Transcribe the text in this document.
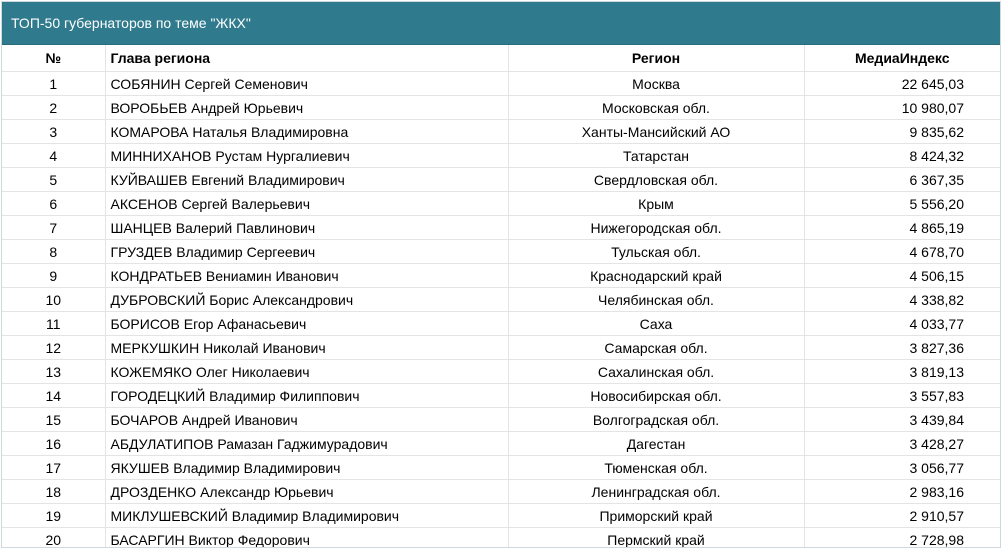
ТОП-50 губернаторов по теме "ЖКХ"
№	Глава региона	Регион	МедиаИндекс
1	СОБЯНИН Сергей Семенович	Москва	22 645,03
2	ВОРОБЬЕВ Андрей Юрьевич	Московская обл.	10 980,07
3	КОМАРОВА Наталья Владимировна	Ханты-Мансийский АО	9 835,62
4	МИННИХАНОВ Рустам Нургалиевич	Татарстан	8 424,32
5	КУЙВАШЕВ Евгений Владимирович	Свердловская обл.	6 367,35
6	АКСЕНОВ Сергей Валерьевич	Крым	5 556,20
7	ШАНЦЕВ Валерий Павлинович	Нижегородская обл.	4 865,19
8	ГРУЗДЕВ Владимир Сергеевич	Тульская обл.	4 678,70
9	КОНДРАТЬЕВ Вениамин Иванович	Краснодарский край	4 506,15
10	ДУБРОВСКИЙ Борис Александрович	Челябинская обл.	4 338,82
11	БОРИСОВ Егор Афанасьевич	Саха	4 033,77
12	МЕРКУШКИН Николай Иванович	Самарская обл.	3 827,36
13	КОЖЕМЯКО Олег Николаевич	Сахалинская обл.	3 819,13
14	ГОРОДЕЦКИЙ Владимир Филиппович	Новосибирская обл.	3 557,83
15	БОЧАРОВ Андрей Иванович	Волгоградская обл.	3 439,84
16	АБДУЛАТИПОВ Рамазан Гаджимурадович	Дагестан	3 428,27
17	ЯКУШЕВ Владимир Владимирович	Тюменская обл.	3 056,77
18	ДРОЗДЕНКО Александр Юрьевич	Ленинградская обл.	2 983,16
19	МИКЛУШЕВСКИЙ Владимир Владимирович	Приморский край	2 910,57
20	БАСАРГИН Виктор Федорович	Пермский край	2 728,98
